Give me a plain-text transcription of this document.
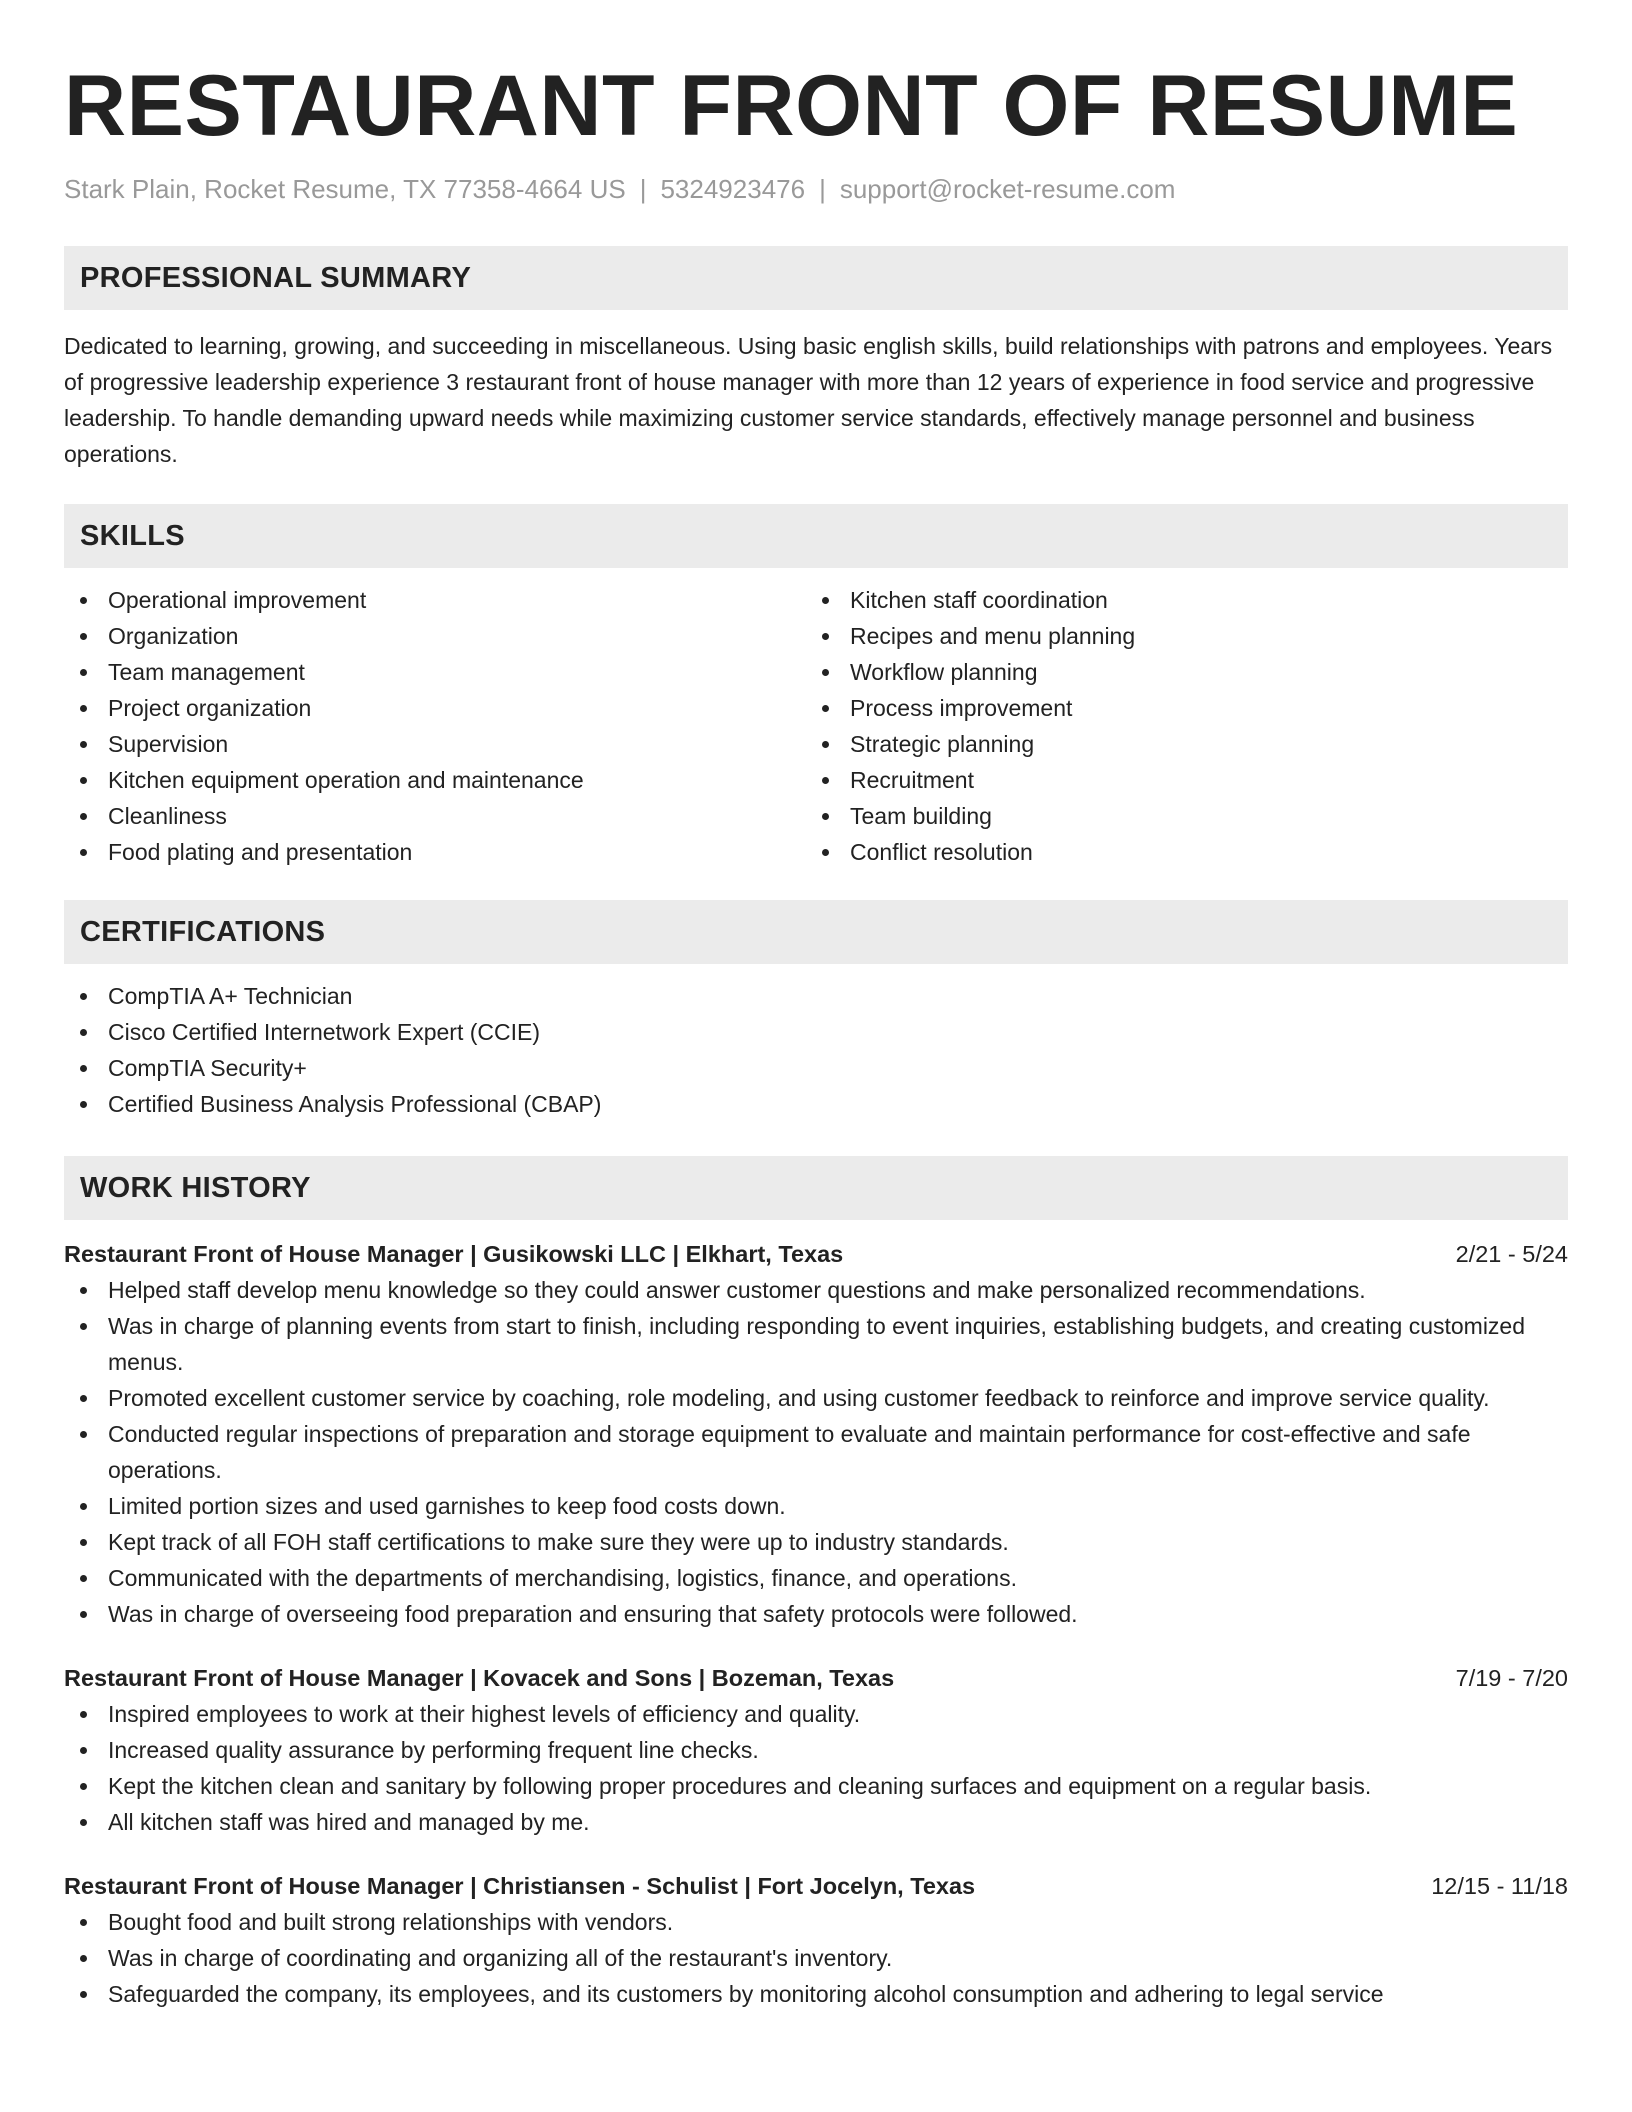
RESTAURANT FRONT OF RESUME
Stark Plain, Rocket Resume, TX 77358-4664 US | 5324923476 | support@rocket-resume.com
PROFESSIONAL SUMMARY

Dedicated to learning, growing, and succeeding in miscellaneous. Using basic english skills, build relationships with patrons and employees. Years of progressive leadership experience 3 restaurant front of house manager with more than 12 years of experience in food service and progressive leadership. To handle demanding upward needs while maximizing customer service standards, effectively manage personnel and business operations.

SKILLS
Operational improvement
Organization
Team management
Project organization
Supervision
Kitchen equipment operation and maintenance
Cleanliness
Food plating and presentation
Kitchen staff coordination
Recipes and menu planning
Workflow planning
Process improvement
Strategic planning
Recruitment
Team building
Conflict resolution
CERTIFICATIONS
CompTIA A+ Technician
Cisco Certified Internetwork Expert (CCIE)
CompTIA Security+
Certified Business Analysis Professional (CBAP)
WORK HISTORY
Restaurant Front of House Manager | Gusikowski LLC | Elkhart, Texas	2/21 - 5/24
Helped staff develop menu knowledge so they could answer customer questions and make personalized recommendations.
Was in charge of planning events from start to finish, including responding to event inquiries, establishing budgets, and creating customized menus.
Promoted excellent customer service by coaching, role modeling, and using customer feedback to reinforce and improve service quality.
Conducted regular inspections of preparation and storage equipment to evaluate and maintain performance for cost-effective and safe operations.
Limited portion sizes and used garnishes to keep food costs down.
Kept track of all FOH staff certifications to make sure they were up to industry standards.
Communicated with the departments of merchandising, logistics, finance, and operations.
Was in charge of overseeing food preparation and ensuring that safety protocols were followed.
Restaurant Front of House Manager | Kovacek and Sons | Bozeman, Texas	7/19 - 7/20
Inspired employees to work at their highest levels of efficiency and quality.
Increased quality assurance by performing frequent line checks.
Kept the kitchen clean and sanitary by following proper procedures and cleaning surfaces and equipment on a regular basis.
All kitchen staff was hired and managed by me.
Restaurant Front of House Manager | Christiansen - Schulist | Fort Jocelyn, Texas	12/15 - 11/18
Bought food and built strong relationships with vendors.
Was in charge of coordinating and organizing all of the restaurant's inventory.
Safeguarded the company, its employees, and its customers by monitoring alcohol consumption and adhering to legal service
